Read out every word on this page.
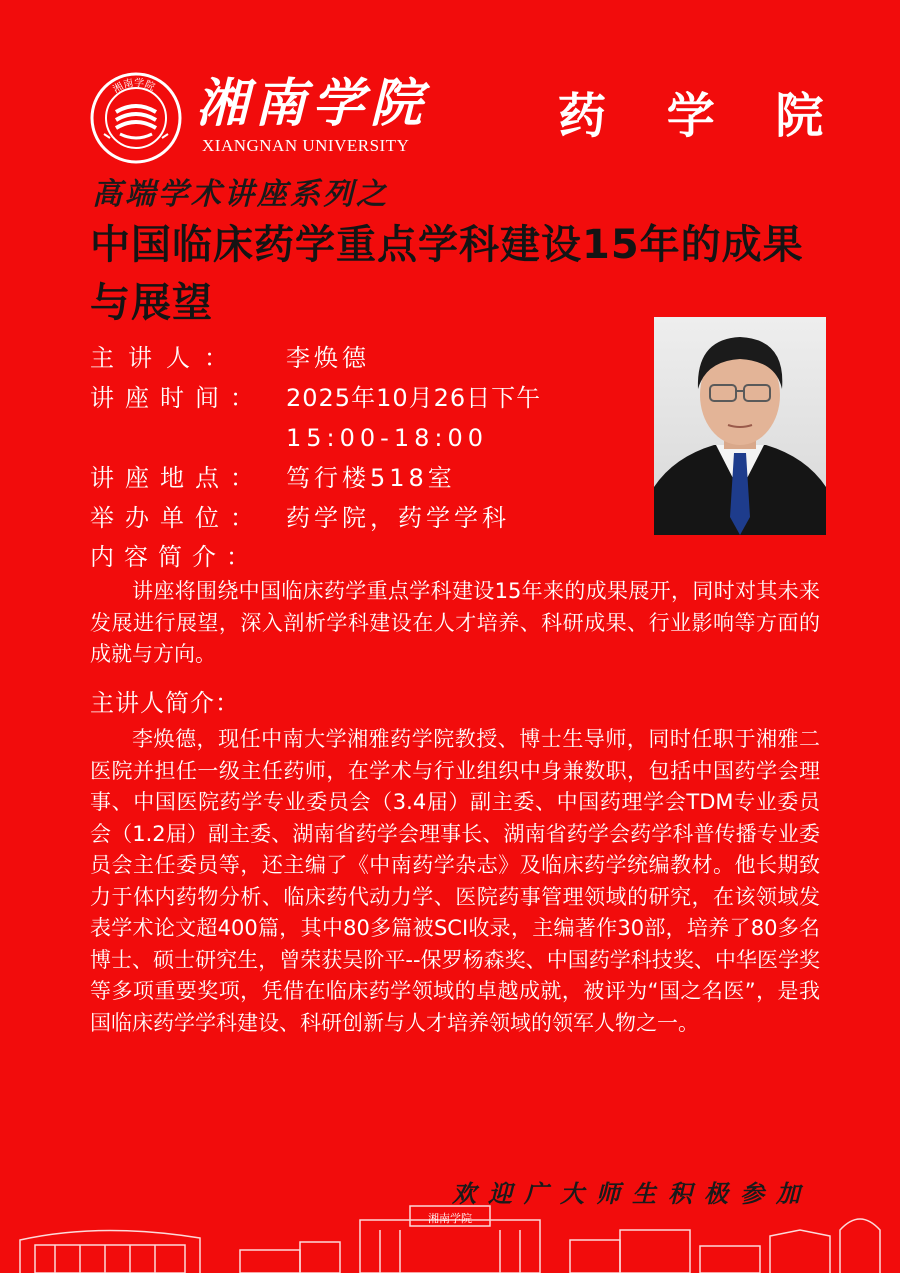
湘南学院 湘南学院
XIANGNAN UNIVERSITY
药 学 院
高端学术讲座系列之
中国临床药学重点学科建设15年的成果与展望
主讲人： 李焕德
讲座时间： 2025年10月26日下午
15:00-18:00
讲座地点： 笃行楼518室
举办单位： 药学院，药学学科
内容简介：
讲座将围绕中国临床药学重点学科建设15年来的成果展开，同时对其未来发展进行展望，深入剖析学科建设在人才培养、科研成果、行业影响等方面的成就与方向。
主讲人简介：
李焕德，现任中南大学湘雅药学院教授、博士生导师，同时任职于湘雅二医院并担任一级主任药师，在学术与行业组织中身兼数职，包括中国药学会理事、中国医院药学专业委员会（3.4届）副主委、中国药理学会TDM专业委员会（1.2届）副主委、湖南省药学会理事长、湖南省药学会药学科普传播专业委员会主任委员等，还主编了《中南药学杂志》及临床药学统编教材。他长期致力于体内药物分析、临床药代动力学、医院药事管理领域的研究，在该领域发表学术论文超400篇，其中80多篇被SCI收录，主编著作30部，培养了80多名博士、硕士研究生，曾荣获吴阶平--保罗杨森奖、中国药学科技奖、中华医学奖等多项重要奖项，凭借在临床药学领域的卓越成就，被评为“国之名医”，是我国临床药学学科建设、科研创新与人才培养领域的领军人物之一。
欢迎广大师生积极参加
湘南学院
